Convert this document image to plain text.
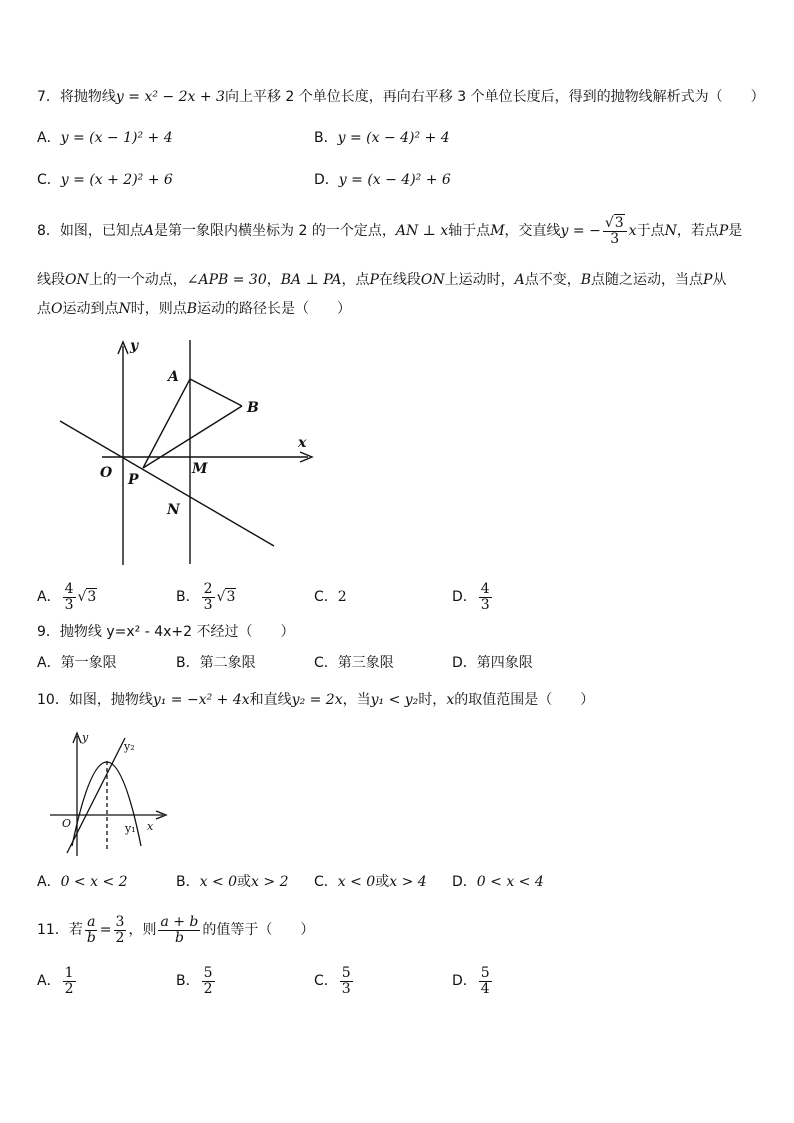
7．将抛物线y = x² − 2x + 3向上平移 2 个单位长度，再向右平移 3 个单位长度后，得到的抛物线解析式为（　　）
A．y = (x − 1)² + 4	B．y = (x − 4)² + 4
C．y = (x + 2)² + 6	D．y = (x − 4)² + 6
8．如图，已知点A是第一象限内横坐标为 2 的一个定点，AN ⊥ x轴于点M，交直线y = − $\frac{√3}{3}$ x于点N，若点P是
线段ON上的一个动点，∠APB = 30，BA ⊥ PA，点P在线段ON上运动时，A点不变，B点随之运动，当点P从
点O运动到点N时，则点B运动的路径长是（　　）
y
x
A
B
O P
M
N
A． $\frac{4}{3} √3$	B． $\frac{2}{3} √3$	C．2	D． $\frac{4}{3}$
9．抛物线 y=x² - 4x+2 不经过（　　）
A．第一象限	B．第二象限	C．第三象限	D．第四象限
10．如图，抛物线y₁ = −x² + 4x和直线y₂ = 2x，当y₁ < y₂时，x的取值范围是（　　）
y
x
O
y₂
y₁
A．0 < x < 2	B．x < 0或x > 2 C．x < 0或x > 4 D．0 < x < 4
11．若 $\frac{a}{b} = \frac{3}{2}$ ，则 $\frac{a + b}{b}$ 的值等于（　　）
A． $\frac{1}{2}$	B． $\frac{5}{2}$	C． $\frac{5}{3}$	D． $\frac{5}{4}$
